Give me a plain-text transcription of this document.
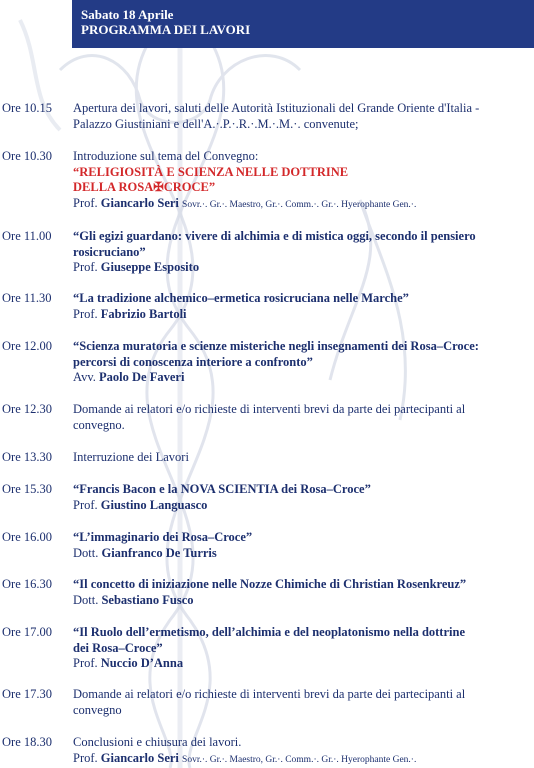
Sabato 18 Aprile
PROGRAMMA DEI LAVORI
Ore 10.15 Apertura dei lavori, saluti delle Autorità Istituzionali del Grande Oriente d'Italia -
Palazzo Giustiniani e dell'A.·.P.·.R.·.M.·.M.·. convenute;
Ore 10.30 Introduzione sul tema del Convegno:
“RELIGIOSITÀ E SCIENZA NELLE DOTTRINE
DELLA ROSA✠CROCE”
Prof. Giancarlo Seri Sovr.·. Gr.·. Maestro, Gr.·. Comm.·. Gr.·. Hyerophante Gen.·.
Ore 11.00 “Gli egizi guardano: vivere di alchimia e di mistica oggi, secondo il pensiero
rosicruciano”
Prof. Giuseppe Esposito
Ore 11.30 “La tradizione alchemico–ermetica rosicruciana nelle Marche”
Prof. Fabrizio Bartoli
Ore 12.00 “Scienza muratoria e scienze misteriche negli insegnamenti dei Rosa–Croce:
percorsi di conoscenza interiore a confronto”
Avv. Paolo De Faveri
Ore 12.30 Domande ai relatori e/o richieste di interventi brevi da parte dei partecipanti al
convegno.
Ore 13.30 Interruzione dei Lavori
Ore 15.30 “Francis Bacon e la NOVA SCIENTIA dei Rosa–Croce”
Prof. Giustino Languasco
Ore 16.00 “L’immaginario dei Rosa–Croce”
Dott. Gianfranco De Turris
Ore 16.30 “Il concetto di iniziazione nelle Nozze Chimiche di Christian Rosenkreuz”
Dott. Sebastiano Fusco
Ore 17.00 “Il Ruolo dell’ermetismo, dell’alchimia e del neoplatonismo nella dottrine
dei Rosa–Croce”
Prof. Nuccio D’Anna
Ore 17.30 Domande ai relatori e/o richieste di interventi brevi da parte dei partecipanti al
convegno
Ore 18.30 Conclusioni e chiusura dei lavori.
Prof. Giancarlo Seri Sovr.·. Gr.·. Maestro, Gr.·. Comm.·. Gr.·. Hyerophante Gen.·.
